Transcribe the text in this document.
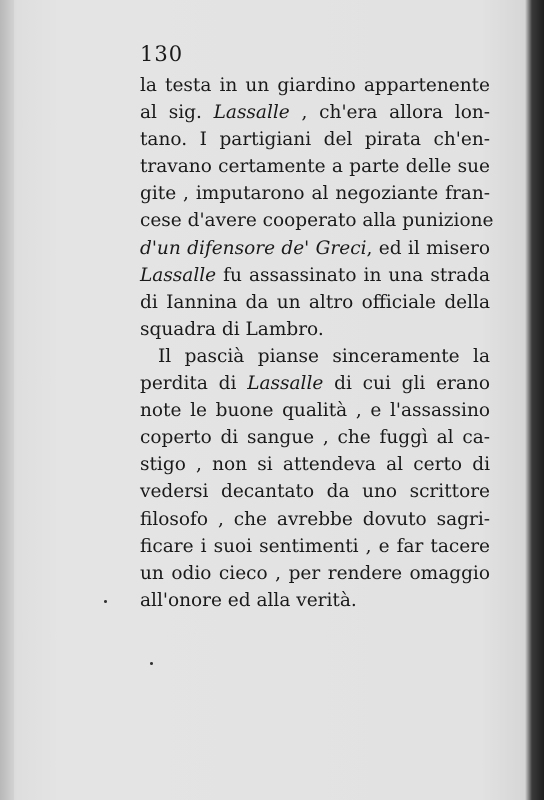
130
la testa in un giardino appartenente
al sig. Lassalle , ch'era allora lon-
tano. I partigiani del pirata ch'en-
travano certamente a parte delle sue
gite , imputarono al negoziante fran-
cese d'avere cooperato alla punizione
d'un difensore de' Greci, ed il misero
Lassalle fu assassinato in una strada
di Iannina da un altro officiale della
squadra di Lambro.
Il pascià pianse sinceramente la
perdita di Lassalle di cui gli erano
note le buone qualità , e l'assassino
coperto di sangue , che fuggì al ca-
stigo , non si attendeva al certo di
vedersi decantato da uno scrittore
filosofo , che avrebbe dovuto sagri-
ficare i suoi sentimenti , e far tacere
un odio cieco , per rendere omaggio
all'onore ed alla verità.
